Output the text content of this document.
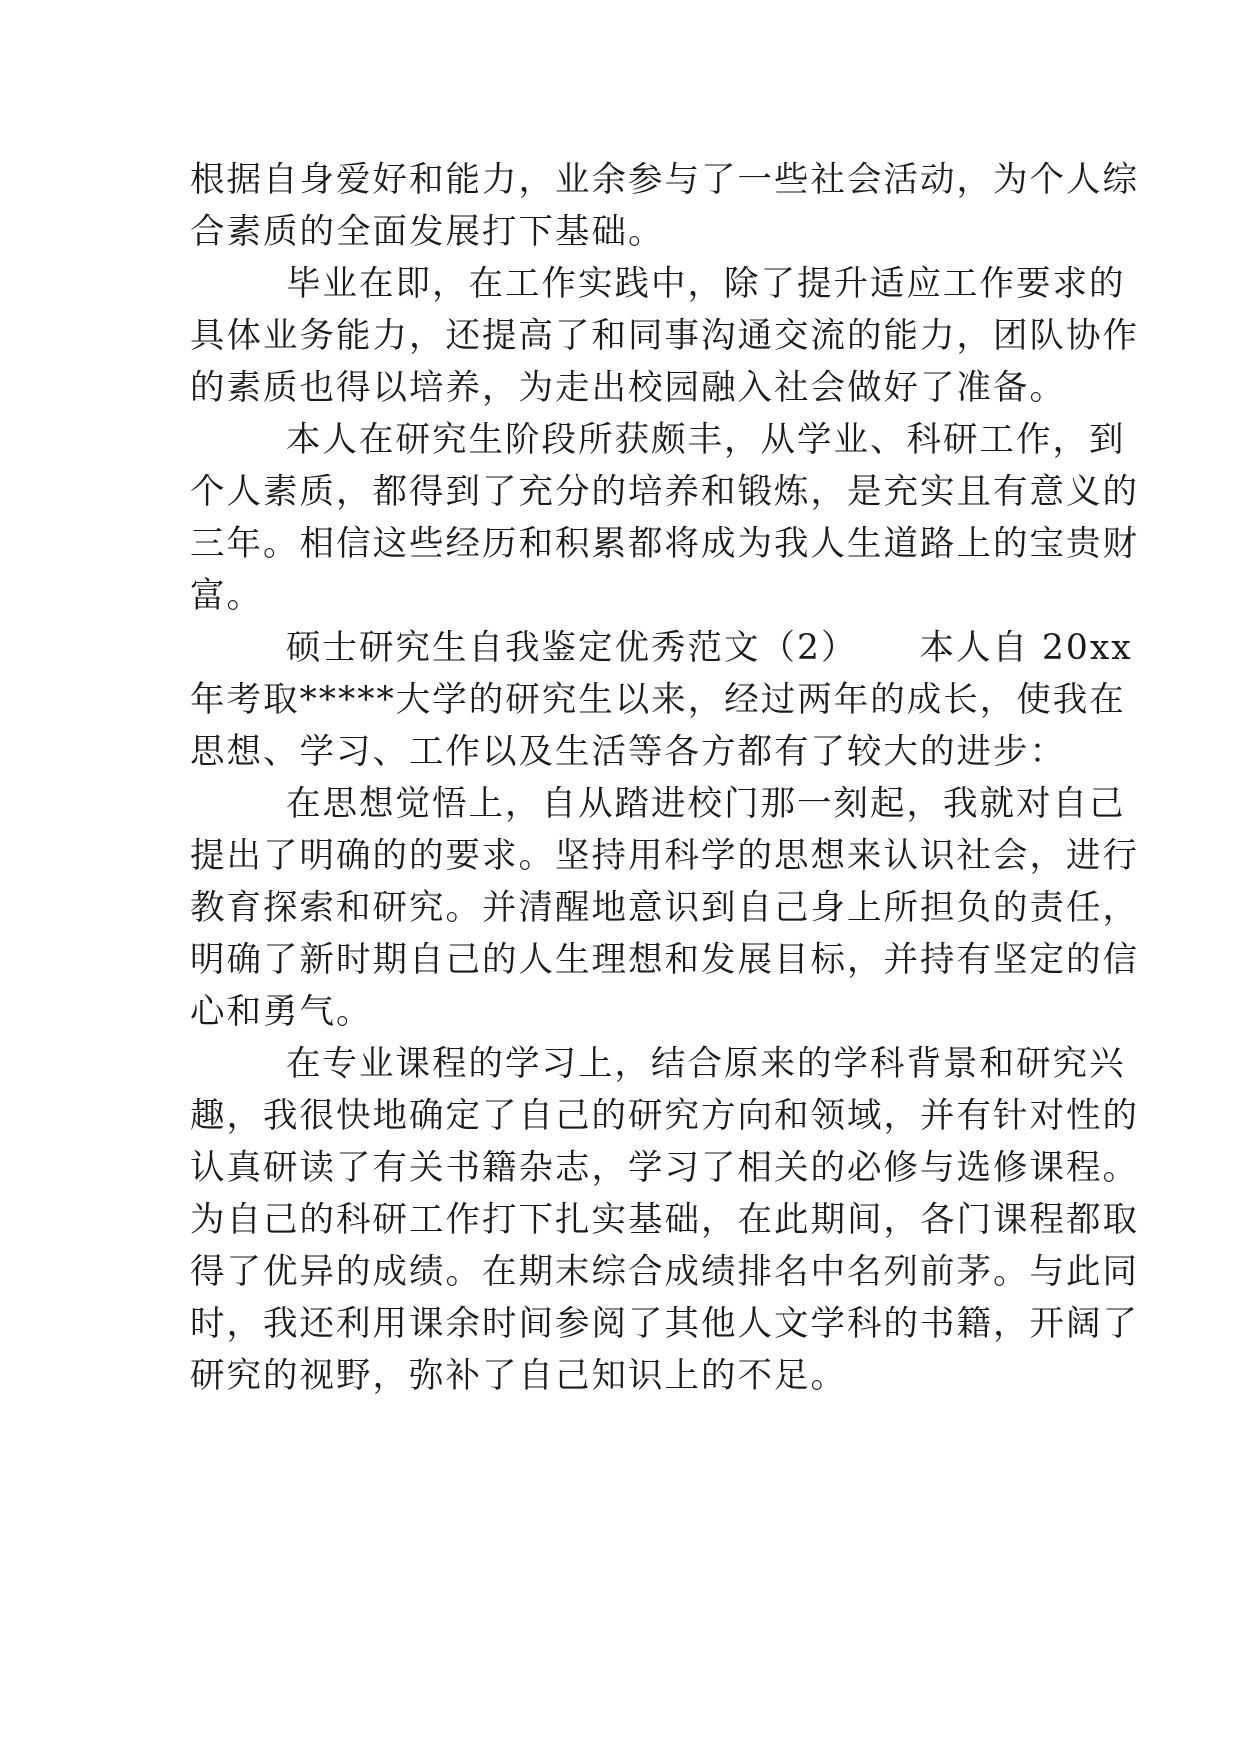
根据自身爱好和能力，业余参与了一些社会活动，为个人综
合素质的全面发展打下基础。
毕业在即，在工作实践中，除了提升适应工作要求的
具体业务能力，还提高了和同事沟通交流的能力，团队协作
的素质也得以培养，为走出校园融入社会做好了准备。
本人在研究生阶段所获颇丰，从学业、科研工作，到
个人素质，都得到了充分的培养和锻炼，是充实且有意义的
三年。相信这些经历和积累都将成为我人生道路上的宝贵财
富。
硕士研究生自我鉴定优秀范文（2） 本人自 20xx
年考取*****大学的研究生以来，经过两年的成长，使我在
思想、学习、工作以及生活等各方都有了较大的进步：
在思想觉悟上，自从踏进校门那一刻起，我就对自己
提出了明确的的要求。坚持用科学的思想来认识社会，进行
教育探索和研究。并清醒地意识到自己身上所担负的责任，
明确了新时期自己的人生理想和发展目标，并持有坚定的信
心和勇气。
在专业课程的学习上，结合原来的学科背景和研究兴
趣，我很快地确定了自己的研究方向和领域，并有针对性的
认真研读了有关书籍杂志，学习了相关的必修与选修课程。
为自己的科研工作打下扎实基础，在此期间，各门课程都取
得了优异的成绩。在期末综合成绩排名中名列前茅。与此同
时，我还利用课余时间参阅了其他人文学科的书籍，开阔了
研究的视野，弥补了自己知识上的不足。
